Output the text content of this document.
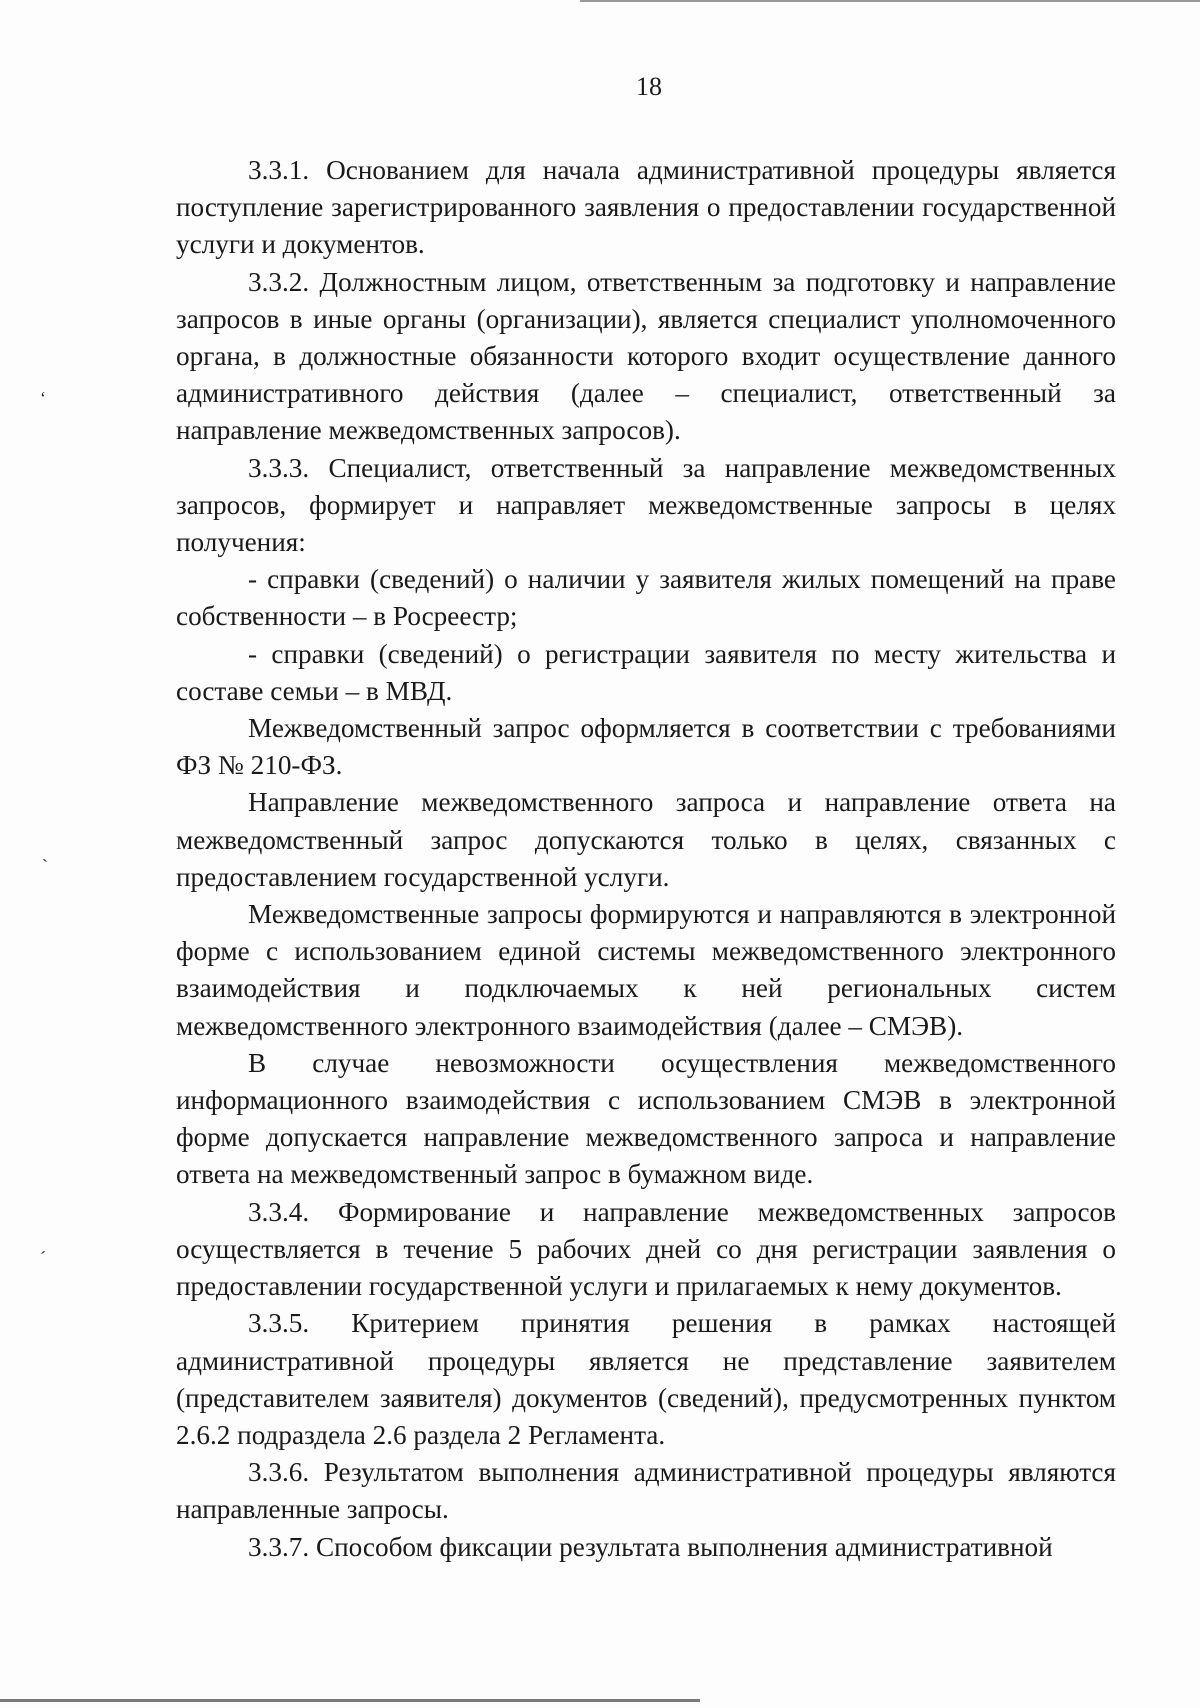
18

3.3.1. Основанием для начала административной процедуры является поступление зарегистрированного заявления о предоставлении государственной услуги и документов.

3.3.2. Должностным лицом, ответственным за подготовку и направление запросов в иные органы (организации), является специалист уполномоченного органа, в должностные обязанности которого входит осуществление данного административного действия (далее – специалист, ответственный за направление межведомственных запросов).

3.3.3. Специалист, ответственный за направление межведомственных запросов, формирует и направляет межведомственные запросы в целях получения:

- справки (сведений) о наличии у заявителя жилых помещений на праве собственности – в Росреестр;

- справки (сведений) о регистрации заявителя по месту жительства и составе семьи – в МВД.

Межведомственный запрос оформляется в соответствии с требованиями ФЗ № 210-ФЗ.

Направление межведомственного запроса и направление ответа на межведомственный запрос допускаются только в целях, связанных с предоставлением государственной услуги.

Межведомственные запросы формируются и направляются в электронной форме с использованием единой системы межведомственного электронного взаимодействия и подключаемых к ней региональных систем межведомственного электронного взаимодействия (далее – СМЭВ).

В случае невозможности осуществления межведомственного информационного взаимодействия с использованием СМЭВ в электронной форме допускается направление межведомственного запроса и направление ответа на межведомственный запрос в бумажном виде.

3.3.4. Формирование и направление межведомственных запросов осуществляется в течение 5 рабочих дней со дня регистрации заявления о предоставлении государственной услуги и прилагаемых к нему документов.

3.3.5. Критерием принятия решения в рамках настоящей административной процедуры является не представление заявителем (представителем заявителя) документов (сведений), предусмотренных пунктом 2.6.2 подраздела 2.6 раздела 2 Регламента.

3.3.6. Результатом выполнения административной процедуры являются направленные запросы.

3.3.7. Способом фиксации результата выполнения административной

ʻ
ˎ
ˊ
